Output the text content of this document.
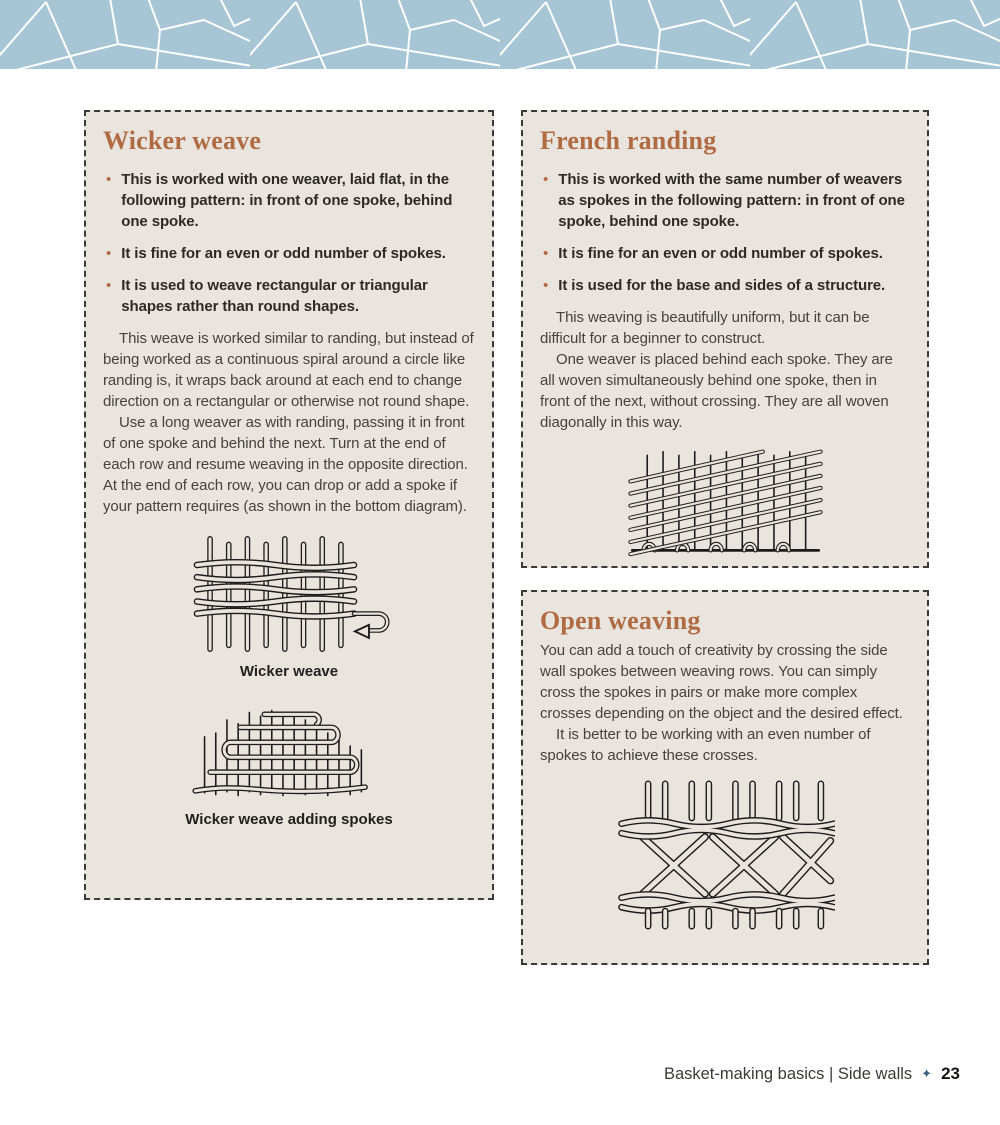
Wicker weave
• This is worked with one weaver, laid flat, in the following pattern: in front of one spoke, behind one spoke.
• It is fine for an even or odd number of spokes.
• It is used to weave rectangular or triangular shapes rather than round shapes.

This weave is worked similar to randing, but instead of being worked as a continuous spiral around a circle like randing is, it wraps back around at each end to change direction on a rectangular or otherwise not round shape.

Use a long weaver as with randing, passing it in front of one spoke and behind the next. Turn at the end of each row and resume weaving in the opposite direction. At the end of each row, you can drop or add a spoke if your pattern requires (as shown in the bottom diagram).

Wicker weave
Wicker weave adding spokes
French randing
• This is worked with the same number of weavers as spokes in the following pattern: in front of one spoke, behind one spoke.
• It is fine for an even or odd number of spokes.
• It is used for the base and sides of a structure.

This weaving is beautifully uniform, but it can be difficult for a beginner to construct.

One weaver is placed behind each spoke. They are all woven simultaneously behind one spoke, then in front of the next, without crossing. They are all woven diagonally in this way.

Open weaving

You can add a touch of creativity by crossing the side wall spokes between weaving rows. You can simply cross the spokes in pairs or make more complex crosses depending on the object and the desired effect.

It is better to be working with an even number of spokes to achieve these crosses.

Basket-making basics | Side walls ✦ 23
